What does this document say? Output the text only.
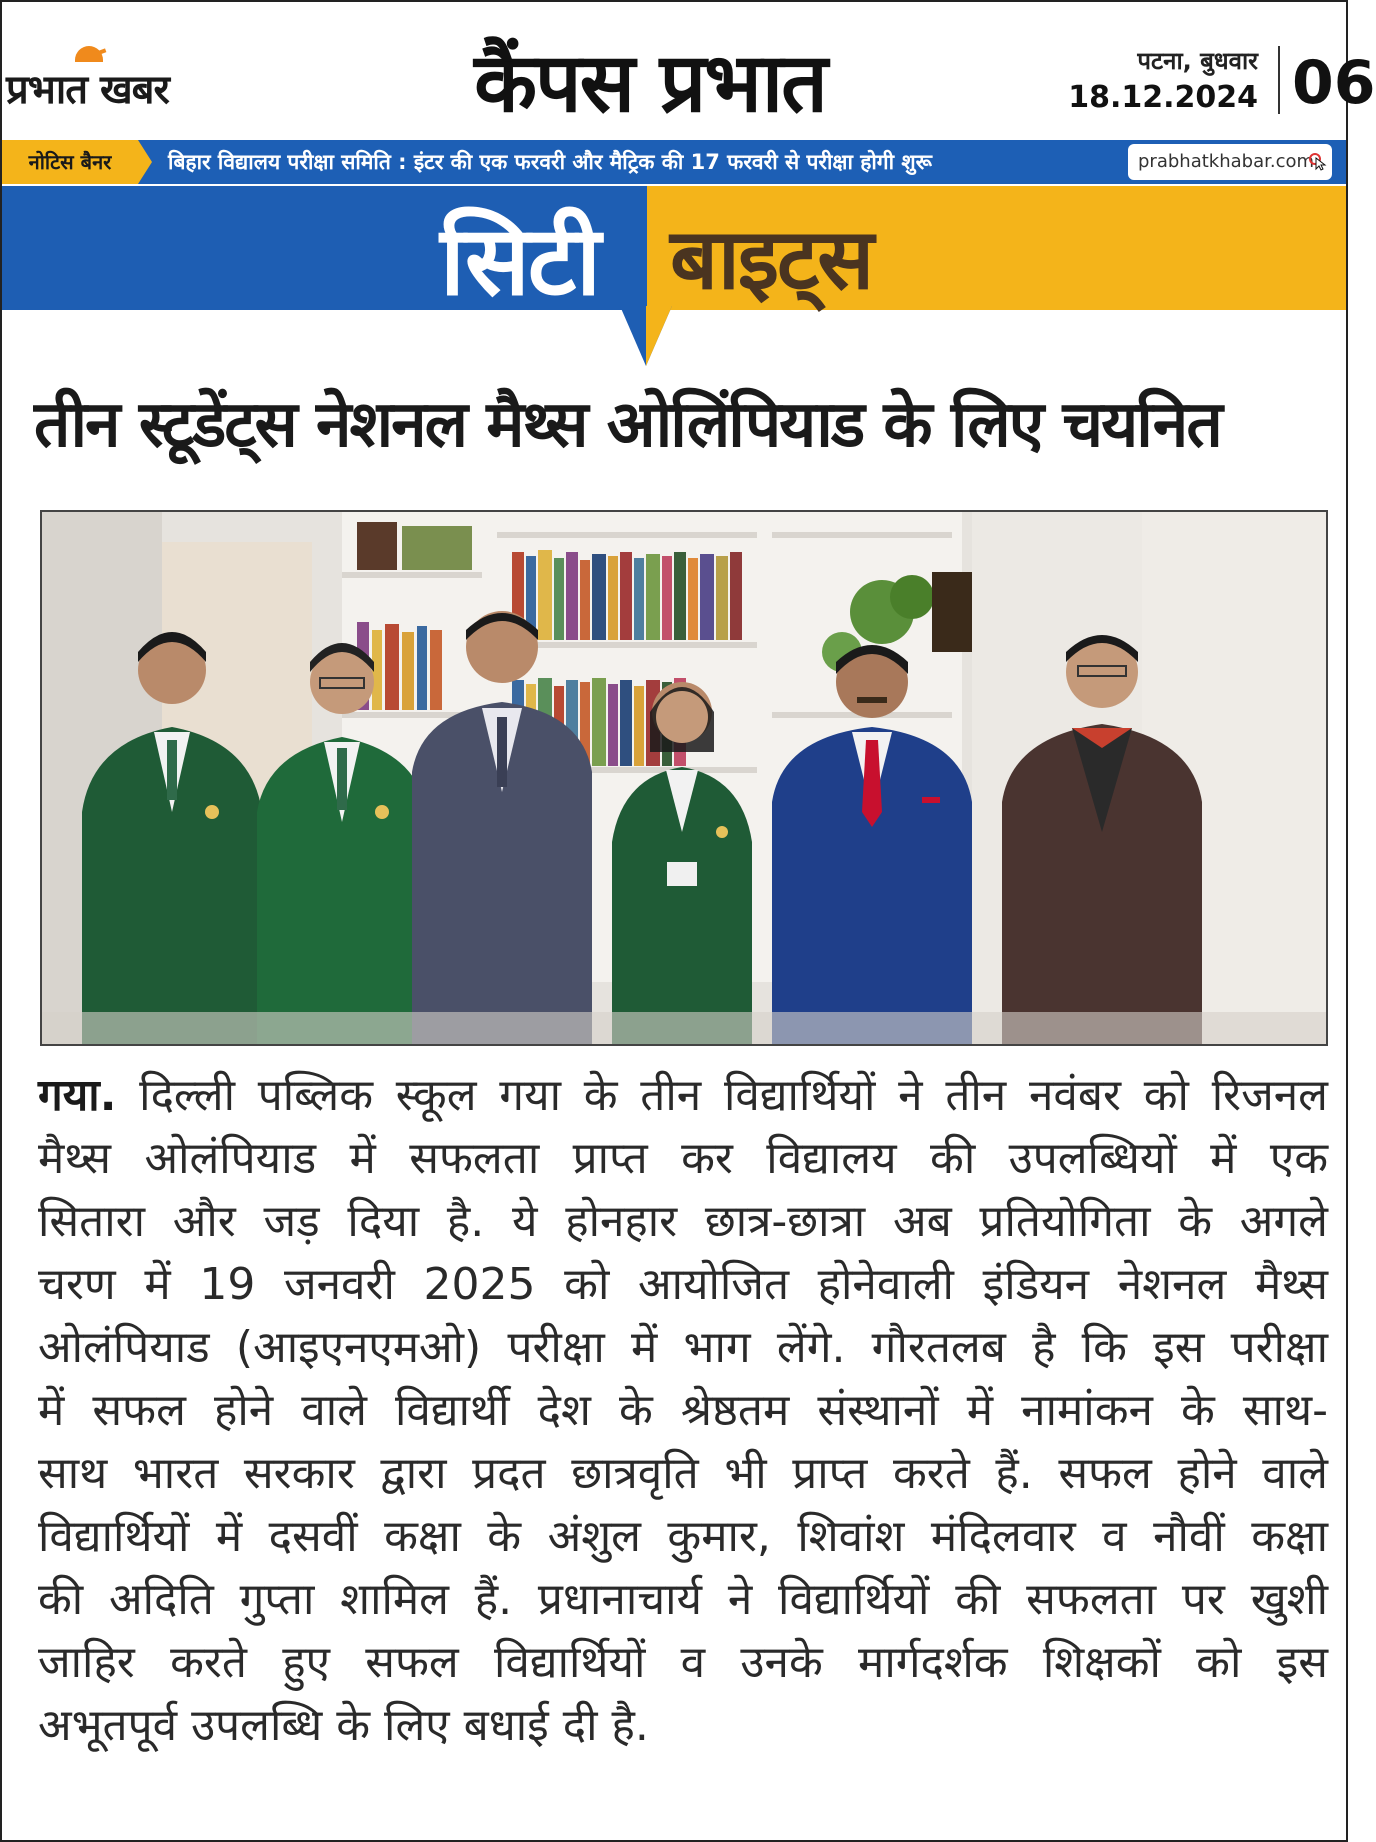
प्रभात खबर	कैंपस प्रभात	पटना, बुधवार
18.12.2024 06
नोटिस बैनर	बिहार विद्यालय परीक्षा समिति : इंटर की एक फरवरी और मैट्रिक की 17 फरवरी से परीक्षा होगी शुरू	prabhatkhabar.com
सिटी बाइट्स
तीन स्टूडेंट्स नेशनल मैथ्स ओलिंपियाड के लिए चयनित
गया. दिल्ली पब्लिक स्कूल गया के तीन विद्यार्थियों ने तीन नवंबर को रिजनल
मैथ्स ओलंपियाड में सफलता प्राप्त कर विद्यालय की उपलब्धियों में एक
सितारा और जड़ दिया है. ये होनहार छात्र-छात्रा अब प्रतियोगिता के अगले
चरण में 19 जनवरी 2025 को आयोजित होनेवाली इंडियन नेशनल मैथ्स
ओलंपियाड (आइएनएमओ) परीक्षा में भाग लेंगे. गौरतलब है कि इस परीक्षा
में सफल होने वाले विद्यार्थी देश के श्रेष्ठतम संस्थानों में नामांकन के साथ-
साथ भारत सरकार द्वारा प्रदत छात्रवृति भी प्राप्त करते हैं. सफल होने वाले
विद्यार्थियों में दसवीं कक्षा के अंशुल कुमार, शिवांश मंदिलवार व नौवीं कक्षा
की अदिति गुप्ता शामिल हैं. प्रधानाचार्य ने विद्यार्थियों की सफलता पर खुशी
जाहिर करते हुए सफल विद्यार्थियों व उनके मार्गदर्शक शिक्षकों को इस
अभूतपूर्व उपलब्धि के लिए बधाई दी है.
